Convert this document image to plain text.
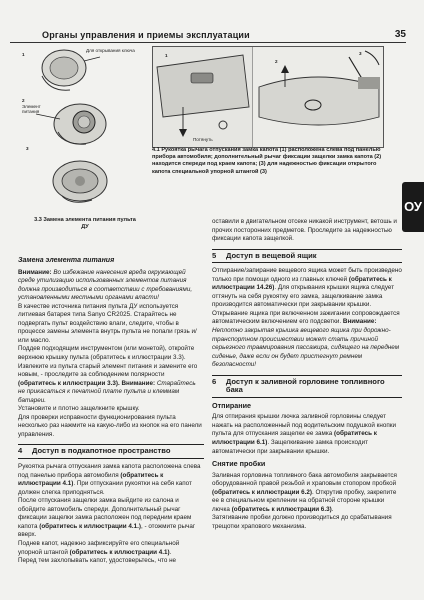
Органы управления и приемы эксплуатации	35
ОУ
Для открывания ключа
1
Элемент питания
2
3
3.3 Замена элемента питания пульта ДУ
1
Потянуть
2
3
4.1 Рукоятка рычага отпускания замка капота (1) расположена слева под панелью прибора автомобиля; дополнительный рычаг фиксации защелки замка капота (2) находится спереди под краем капота; (3) для надежностью фиксации открытого капота специальной упорной штангой (3)
Замена элемента питания

Внимание: Во избежание нанесения вреда окружающей среде утилизацию использованных элементов питания должна производиться в соответствии с требованиями, установленными местными органами власти!

В качестве источника питания пульта ДУ используется литиевая батарея типа Sanyo CR2025. Старайтесь не подвергать пульт воздействию влаги, следите, чтобы в процессе замены элемента внутрь пульта не попали грязь и/или масло.

Поддев подходящим инструментом (или монетой), откройте верхнюю крышку пульта (обратитесь к иллюстрации 3.3).

Извлеките из пульта старый элемент питания и замените его новым, - проследите за соблюдением полярности (обратитесь к иллюстрации 3.3). Внимание: Старайтесь не прикасаться к печатной плате пульта и клеммам батареи.

Установите и плотно защелкните крышку.

Для проверки исправности функционирования пульта несколько раз нажмите на какую-либо из кнопок на его панели управления.

4	Доступ в подкапотное пространство

Рукоятка рычага отпускания замка капота расположена слева под панелью прибора автомобиля (обратитесь к иллюстрации 4.1). При отпускании рукоятки на себя капот должен слегка приподняться.

После отпускания защелки замка выйдите из салона и обойдите автомобиль спереди. Дополнительный рычаг фиксации защелки замка расположен под передним краем капота (обратитесь к иллюстрации 4.1.), - отожмите рычаг вверх.

Поднев капот, надежно зафиксируйте его специальной упорной штангой (обратитесь к иллюстрации 4.1).

Перед тем захлопывать капот, удостоверьтесь, что не

оставили в двигательном отсеке никакой инструмент, ветошь и прочих посторонних предметов. Проследите за надежностью фиксации капота защелкой.

5	Доступ в вещевой ящик

Отпирание/запирание вещевого ящика может быть произведено только при помощи одного из главных ключей (обратитесь к иллюстрации 14.26). Для открывания крышки ящика следует оттянуть на себя рукоятку его замка, защелкивание замка производится автоматически при закрывании крышки. Открывание ящика при включенном зажигании сопровождается автоматическим включением его подсветки. Внимание: Неплотно закрытая крышка вещевого ящика при дорожно-транспортном происшествии может стать причиной серьезного травмирования пассажира, сидящего на переднем сиденье, даже если он будет пристегнут ремнем безопасности!

6	Доступ к заливной горловине топливного бака
Отпирание

Для отпирания крышки лючка заливной горловины следует нажать на расположенный под водительским подушкой кнопки пульта для отпускания защелки ее замка (обратитесь к иллюстрации 6.1). Защелкивание замка происходит автоматически при закрывании крышки.

Снятие пробки

Заливная горловина топливного бака автомобиля закрывается оборудованной правой резьбой и храповым стопором пробкой (обратитесь к иллюстрации 6.2). Открутив пробку, закрепите ее в специальном креплении на обратной стороне крышки лючка (обратитесь к иллюстрации 6.3).

Затягивание пробки должно производиться до срабатывания трещотки храпового механизма.
